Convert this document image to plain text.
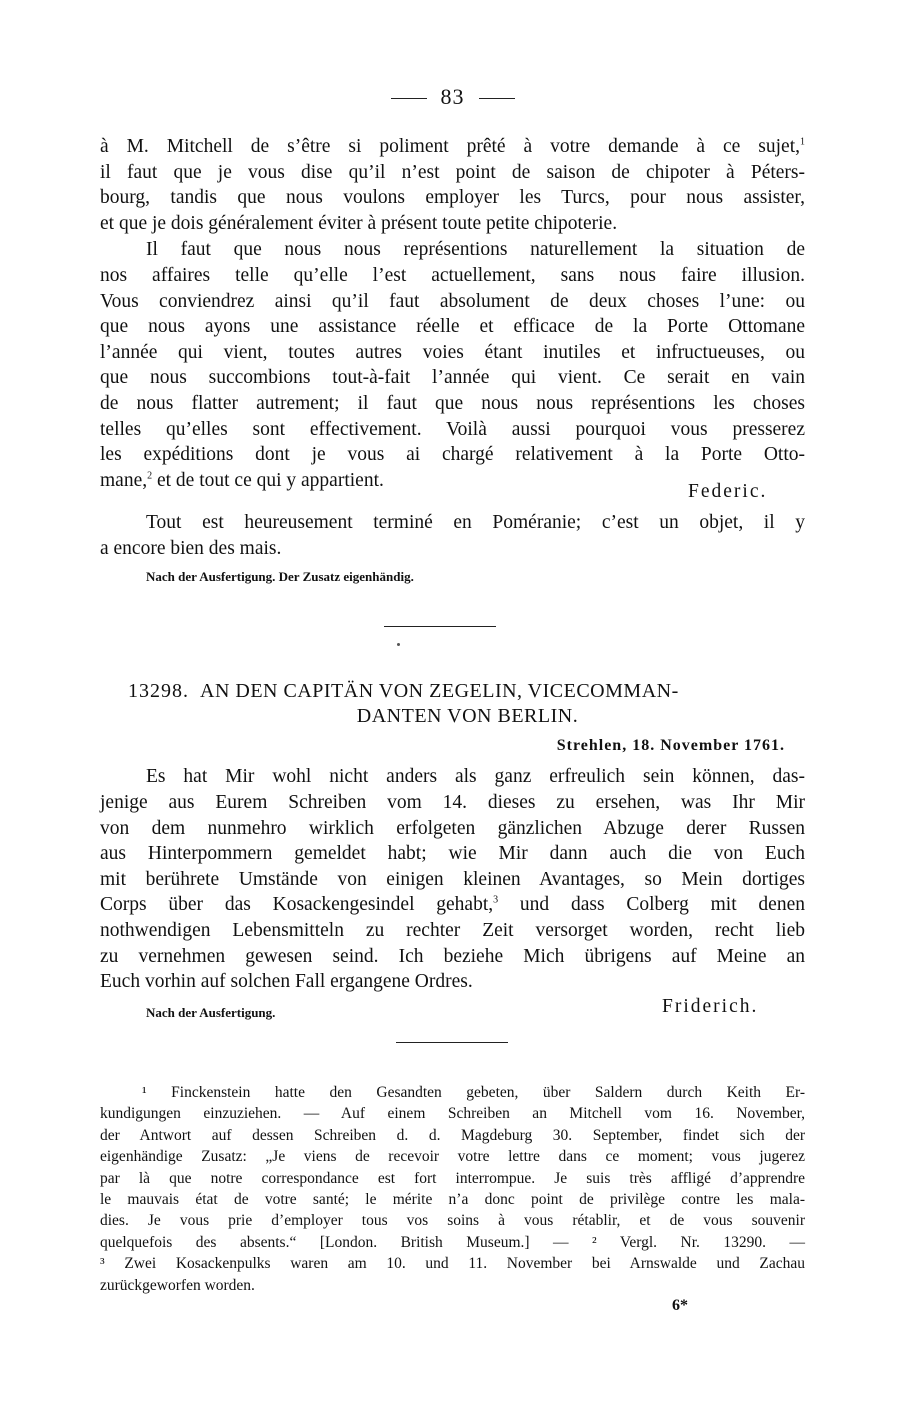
83
à M. Mitchell de s’être si poliment prêté à votre demande à ce sujet,$^1$
il faut que je vous dise qu’il n’est point de saison de chipoter à Péters-
bourg, tandis que nous voulons employer les Turcs, pour nous assister,
et que je dois généralement éviter à présent toute petite chipoterie.
Il faut que nous nous représentions naturellement la situation de
nos affaires telle qu’elle l’est actuellement, sans nous faire illusion.
Vous conviendrez ainsi qu’il faut absolument de deux choses l’une: ou
que nous ayons une assistance réelle et efficace de la Porte Ottomane
l’année qui vient, toutes autres voies étant inutiles et infructueuses, ou
que nous succombions tout-à-fait l’année qui vient. Ce serait en vain
de nous flatter autrement; il faut que nous nous représentions les choses
telles qu’elles sont effectivement. Voilà aussi pourquoi vous presserez
les expéditions dont je vous ai chargé relativement à la Porte Otto-
mane,$^2$ et de tout ce qui y appartient.
Federic.
Tout est heureusement terminé en Poméranie; c’est un objet, il y
a encore bien des mais.
Nach der Ausfertigung. Der Zusatz eigenhändig.
13298. AN DEN CAPITÄN VON ZEGELIN, VICECOMMAN-
DANTEN VON BERLIN.
Strehlen, 18. November 1761.
Es hat Mir wohl nicht anders als ganz erfreulich sein können, das-
jenige aus Eurem Schreiben vom 14. dieses zu ersehen, was Ihr Mir
von dem nunmehro wirklich erfolgeten gänzlichen Abzuge derer Russen
aus Hinterpommern gemeldet habt; wie Mir dann auch die von Euch
mit berührete Umstände von einigen kleinen Avantages, so Mein dortiges
Corps über das Kosackengesindel gehabt,$^3$ und dass Colberg mit denen
nothwendigen Lebensmitteln zu rechter Zeit versorget worden, recht lieb
zu vernehmen gewesen seind. Ich beziehe Mich übrigens auf Meine an
Euch vorhin auf solchen Fall ergangene Ordres.
Nach der Ausfertigung.	Friderich.
¹ Finckenstein hatte den Gesandten gebeten, über Saldern durch Keith Er-
kundigungen einzuziehen. — Auf einem Schreiben an Mitchell vom 16. November,
der Antwort auf dessen Schreiben d. d. Magdeburg 30. September, findet sich der
eigenhändige Zusatz: „Je viens de recevoir votre lettre dans ce moment; vous jugerez
par là que notre correspondance est fort interrompue. Je suis très affligé d’apprendre
le mauvais état de votre santé; le mérite n’a donc point de privilège contre les mala-
dies. Je vous prie d’employer tous vos soins à vous rétablir, et de vous souvenir
quelquefois des absents.“ [London. British Museum.] — ² Vergl. Nr. 13290. —
³ Zwei Kosackenpulks waren am 10. und 11. November bei Arnswalde und Zachau
zurückgeworfen worden.
6*
